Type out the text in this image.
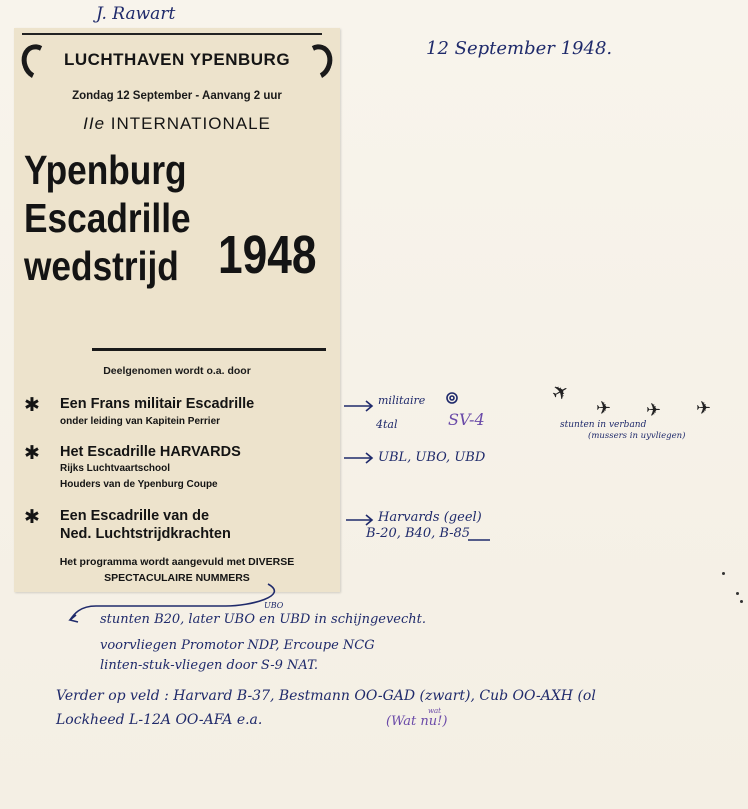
J. Rawart
LUCHTHAVEN YPENBURG
Zondag 12 September - Aanvang 2 uur
IIe INTERNATIONALE
Ypenburg
Escadrille
wedstrijd 1948
Deelgenomen wordt o.a. door
✱ Een Frans militair Escadrille
onder leiding van Kapitein Perrier
✱ Het Escadrille HARVARDS
Rijks Luchtvaartschool
Houders van de Ypenburg Coupe
✱ Een Escadrille van de
Ned. Luchtstrijdkrachten
Het programma wordt aangevuld met DIVERSE
SPECTACULAIRE NUMMERS
12 September 1948.
militaire
4tal	SV-4
✈
✈ ✈ ✈
stunten in verband
(mussers in uyvliegen)
UBL, UBO, UBD
Harvards (geel)
B-20, B40, B-85
stunten B20, later UBO en UBD in schijngevecht.
UBO
voorvliegen Promotor NDP, Ercoupe NCG
linten-stuk-vliegen door S-9 NAT.
Verder op veld : Harvard B-37, Bestmann OO-GAD (zwart), Cub OO-AXH (ol
Lockheed L-12A OO-AFA e.a.	(Wat nu!)
wat
